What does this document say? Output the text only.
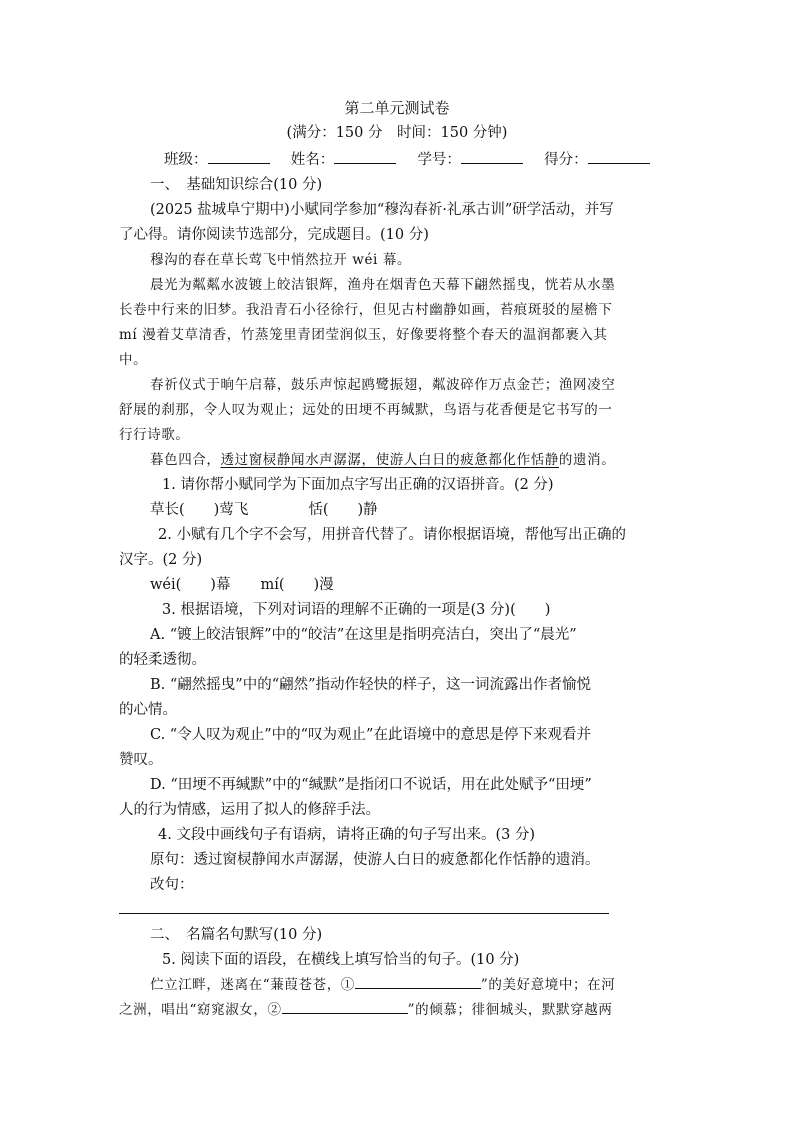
第二单元测试卷
(满分：150 分　时间：150 分钟)
班级：	姓名：	学号：	得分：
一、　基础知识综合(10 分)
(2025 盐城阜宁期中)小赋同学参加“穆沟春祈·礼承古训”研学活动，并写
了心得。请你阅读节选部分，完成题目。(10 分)
穆沟的春在草长莺飞中悄然拉开 wéi 幕。
晨光为粼粼水波镀上皎洁银辉，渔舟在烟青色天幕下翩然摇曳，恍若从水墨
长卷中行来的旧梦。我沿青石小径徐行，但见古村幽静如画，苔痕斑驳的屋檐下
mí 漫着艾草清香，竹蒸笼里青团莹润似玉，好像要将整个春天的温润都裹入其
中。
春祈仪式于晌午启幕，鼓乐声惊起鸥鹭振翅，粼波碎作万点金芒；渔网凌空
舒展的刹那，令人叹为观止；远处的田埂不再缄默，鸟语与花香便是它书写的一
行行诗歌。
暮色四合，透过窗棂静闻水声潺潺，使游人白日的疲惫都化作恬静的遗消。
1. 请你帮小赋同学为下面加点字写出正确的汉语拼音。(2 分)
草长(　　)莺飞	恬(　　)静
2. 小赋有几个字不会写，用拼音代替了。请你根据语境，帮他写出正确的
汉字。(2 分)
wéi(　　)幕 mí(　　)漫
3. 根据语境，下列对词语的理解不正确的一项是(3 分)(　　)
A. “镀上皎洁银辉”中的“皎洁”在这里是指明亮洁白，突出了“晨光”
的轻柔透彻。
B. “翩然摇曳”中的“翩然”指动作轻快的样子，这一词流露出作者愉悦
的心情。
C. “令人叹为观止”中的“叹为观止”在此语境中的意思是停下来观看并
赞叹。
D. “田埂不再缄默”中的“缄默”是指闭口不说话，用在此处赋予“田埂”
人的行为情感，运用了拟人的修辞手法。
4. 文段中画线句子有语病，请将正确的句子写出来。(3 分)
原句：透过窗棂静闻水声潺潺，使游人白日的疲惫都化作恬静的遗消。
改句：
二、　名篇名句默写(10 分)
5. 阅读下面的语段，在横线上填写恰当的句子。(10 分)
伫立江畔，迷离在“蒹葭苍苍，①	”的美好意境中；在河
之洲，唱出“窈窕淑女，②	”的倾慕；徘徊城头，默默穿越两
